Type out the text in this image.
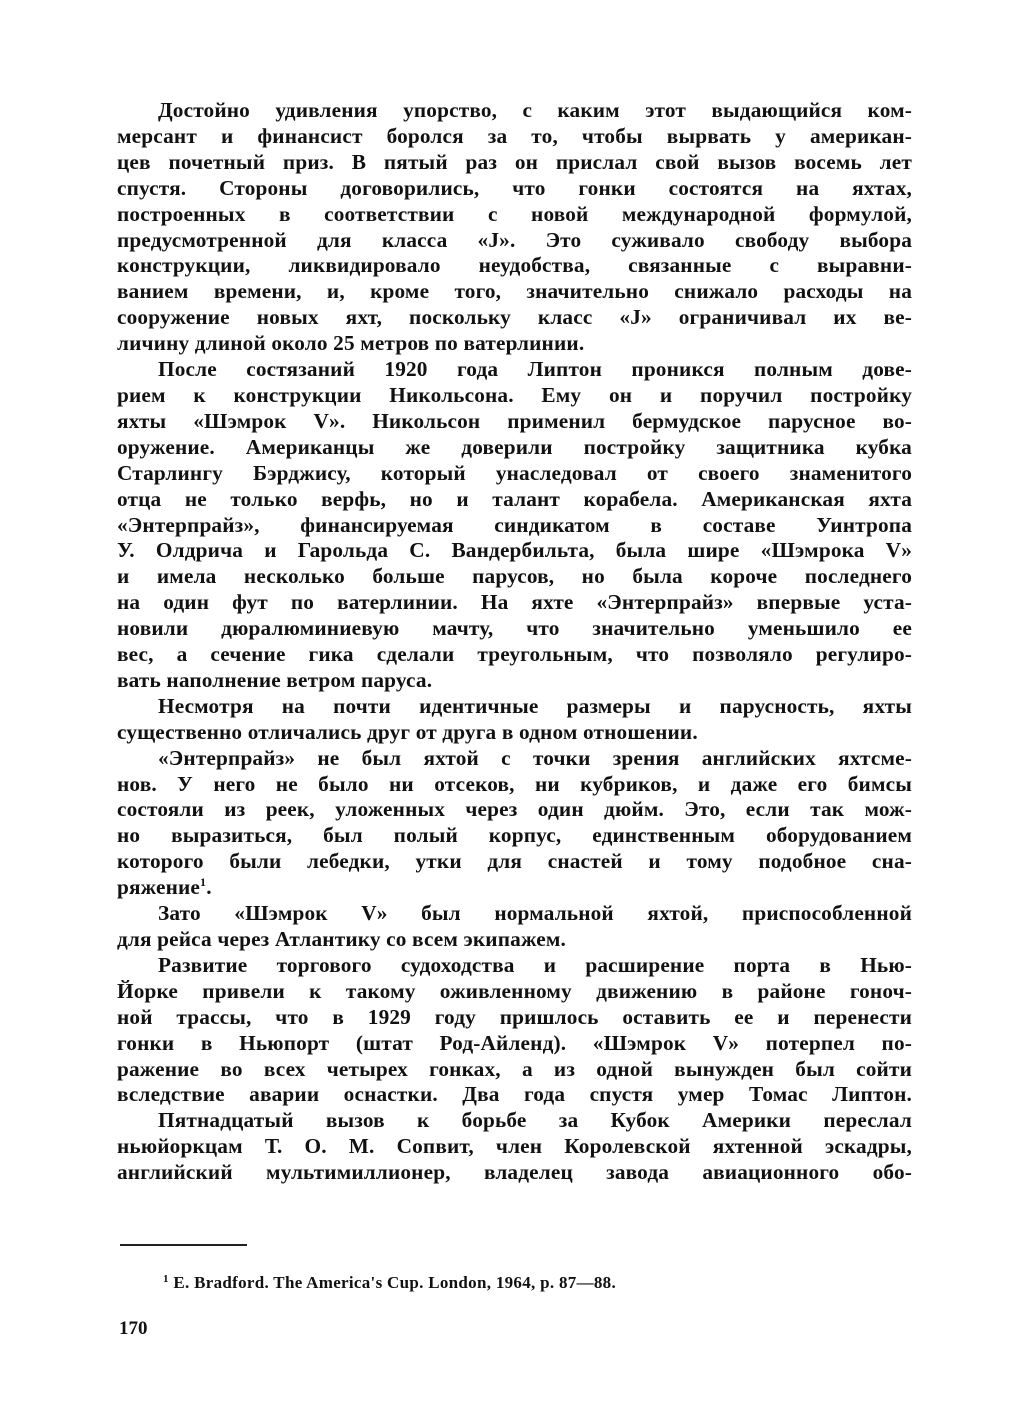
Достойно удивления упорство, с каким этот выдающийся ком-
мерсант и финансист боролся за то, чтобы вырвать у американ-
цев почетный приз. В пятый раз он прислал свой вызов восемь лет
спустя. Стороны договорились, что гонки состоятся на яхтах,
построенных в соответствии с новой международной формулой,
предусмотренной для класса «J». Это суживало свободу выбора
конструкции, ликвидировало неудобства, связанные с выравни-
ванием времени, и, кроме того, значительно снижало расходы на
сооружение новых яхт, поскольку класс «J» ограничивал их ве-
личину длиной около 25 метров по ватерлинии.
После состязаний 1920 года Липтон проникся полным дове-
рием к конструкции Никольсона. Ему он и поручил постройку
яхты «Шэмрок V». Никольсон применил бермудское парусное во-
оружение. Американцы же доверили постройку защитника кубка
Старлингу Бэрджису, который унаследовал от своего знаменитого
отца не только верфь, но и талант корабела. Американская яхта
«Энтерпрайз», финансируемая синдикатом в составе Уинтропа
У. Олдрича и Гарольда С. Вандербильта, была шире «Шэмрока V»
и имела несколько больше парусов, но была короче последнего
на один фут по ватерлинии. На яхте «Энтерпрайз» впервые уста-
новили дюралюминиевую мачту, что значительно уменьшило ее
вес, а сечение гика сделали треугольным, что позволяло регулиро-
вать наполнение ветром паруса.
Несмотря на почти идентичные размеры и парусность, яхты
существенно отличались друг от друга в одном отношении.
«Энтерпрайз» не был яхтой с точки зрения английских яхтсме-
нов. У него не было ни отсеков, ни кубриков, и даже его бимсы
состояли из реек, уложенных через один дюйм. Это, если так мож-
но выразиться, был полый корпус, единственным оборудованием
которого были лебедки, утки для снастей и тому подобное сна-
ряжение$^1$.
Зато «Шэмрок V» был нормальной яхтой, приспособленной
для рейса через Атлантику со всем экипажем.
Развитие торгового судоходства и расширение порта в Нью-
Йорке привели к такому оживленному движению в районе гоноч-
ной трассы, что в 1929 году пришлось оставить ее и перенести
гонки в Ньюпорт (штат Род-Айленд). «Шэмрок V» потерпел по-
ражение во всех четырех гонках, а из одной вынужден был сойти
вследствие аварии оснастки. Два года спустя умер Томас Липтон.
Пятнадцатый вызов к борьбе за Кубок Америки переслал
ньюйоркцам Т. О. М. Сопвит, член Королевской яхтенной эскадры,
английский мультимиллионер, владелец завода авиационного обо-
$^1$ E. Bradford. The America's Cup. London, 1964, p. 87—88.
170
